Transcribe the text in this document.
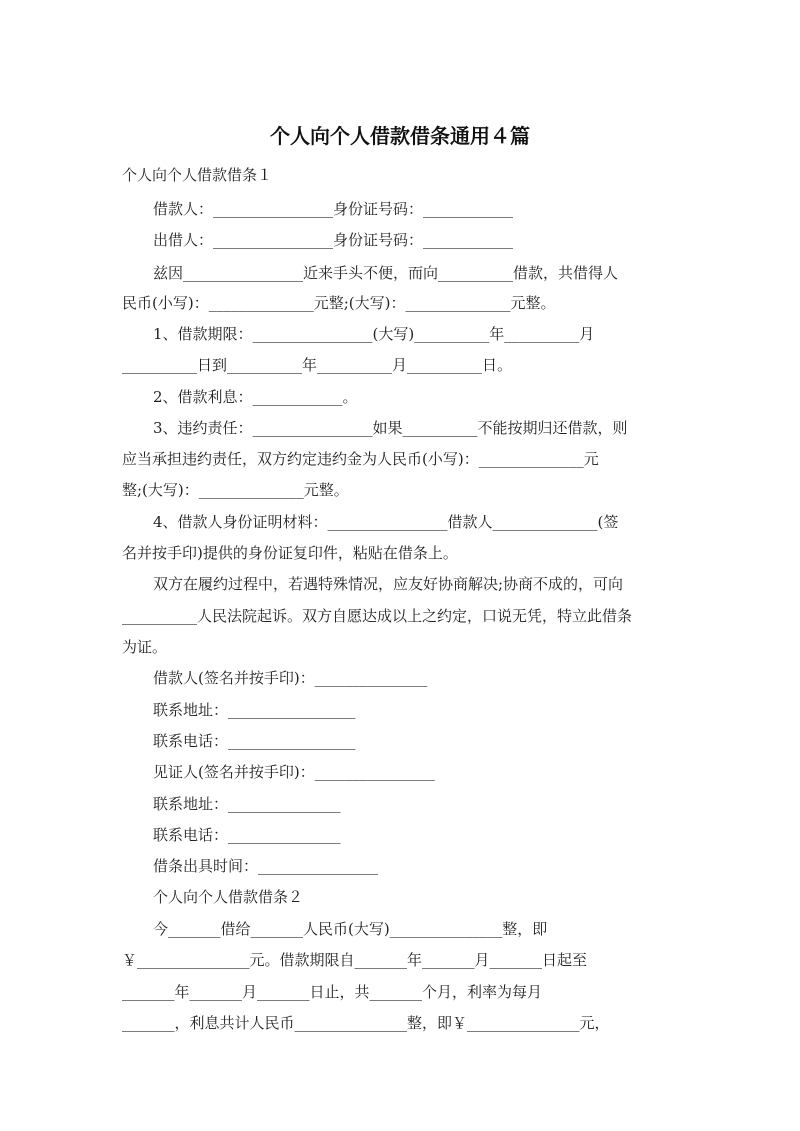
个人向个人借款借条通用４篇
个人向个人借款借条１
借款人：________________身份证号码：____________
出借人：________________身份证号码：____________
兹因________________近来手头不便，而向__________借款，共借得人
民币(小写)：______________元整;(大写)：______________元整。
1、借款期限：________________(大写)__________年__________月
__________日到__________年__________月__________日。
2、借款利息：____________。
3、违约责任：________________如果__________不能按期归还借款，则
应当承担违约责任，双方约定违约金为人民币(小写)：______________元
整;(大写)：______________元整。
4、借款人身份证明材料：________________借款人______________(签
名并按手印)提供的身份证复印件，粘贴在借条上。
双方在履约过程中，若遇特殊情况，应友好协商解决;协商不成的，可向
__________人民法院起诉。双方自愿达成以上之约定，口说无凭，特立此借条
为证。
借款人(签名并按手印)：_______________
联系地址：_________________
联系电话：_________________
见证人(签名并按手印)：________________
联系地址：_______________
联系电话：_______________
借条出具时间：________________
个人向个人借款借条２
今_______借给_______人民币(大写)_______________整，即
￥_______________元。借款期限自_______年_______月_______日起至
_______年_______月_______日止，共_______个月，利率为每月
_______，利息共计人民币_______________整，即￥_______________元，
